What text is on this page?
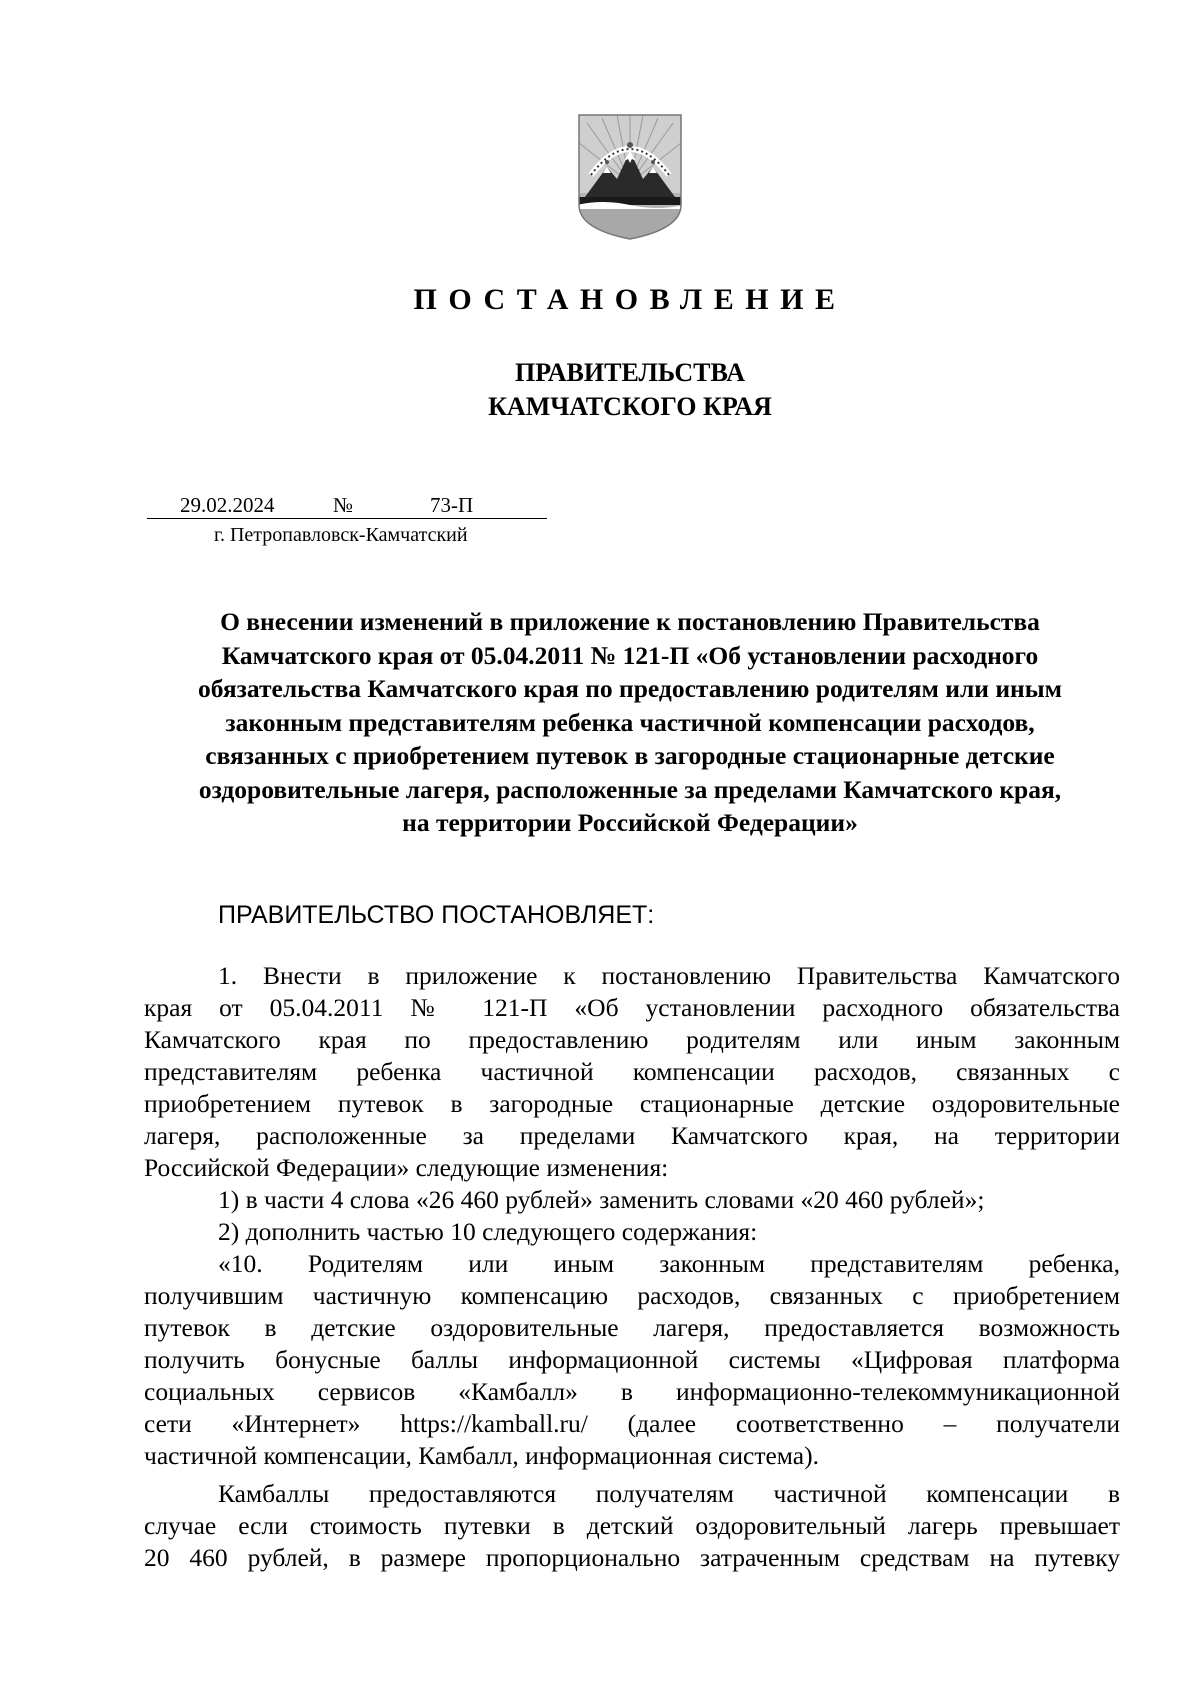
ПОСТАНОВЛЕНИЕ
ПРАВИТЕЛЬСТВА
КАМЧАТСКОГО КРАЯ
29.02.2024	№	73-П
г. Петропавловск-Камчатский
О внесении изменений в приложение к постановлению Правительства
Камчатского края от 05.04.2011 № 121-П «Об установлении расходного
обязательства Камчатского края по предоставлению родителям или иным
законным представителям ребенка частичной компенсации расходов,
связанных с приобретением путевок в загородные стационарные детские
оздоровительные лагеря, расположенные за пределами Камчатского края,
на территории Российской Федерации»
ПРАВИТЕЛЬСТВО ПОСТАНОВЛЯЕТ:
1. Внести в приложение к постановлению Правительства Камчатского
края от 05.04.2011 № 121-П «Об установлении расходного обязательства
Камчатского края по предоставлению родителям или иным законным
представителям ребенка частичной компенсации расходов, связанных с
приобретением путевок в загородные стационарные детские оздоровительные
лагеря, расположенные за пределами Камчатского края, на территории
Российской Федерации» следующие изменения:
1) в части 4 слова «26 460 рублей» заменить словами «20 460 рублей»;
2) дополнить частью 10 следующего содержания:
«10. Родителям или иным законным представителям ребенка,
получившим частичную компенсацию расходов, связанных с приобретением
путевок в детские оздоровительные лагеря, предоставляется возможность
получить бонусные баллы информационной системы «Цифровая платформа
социальных сервисов «Камбалл» в информационно-телекоммуникационной
сети «Интернет» https://kamball.ru/ (далее соответственно – получатели
частичной компенсации, Камбалл, информационная система).
Камбаллы предоставляются получателям частичной компенсации в
случае если стоимость путевки в детский оздоровительный лагерь превышает
20 460 рублей, в размере пропорционально затраченным средствам на путевку
